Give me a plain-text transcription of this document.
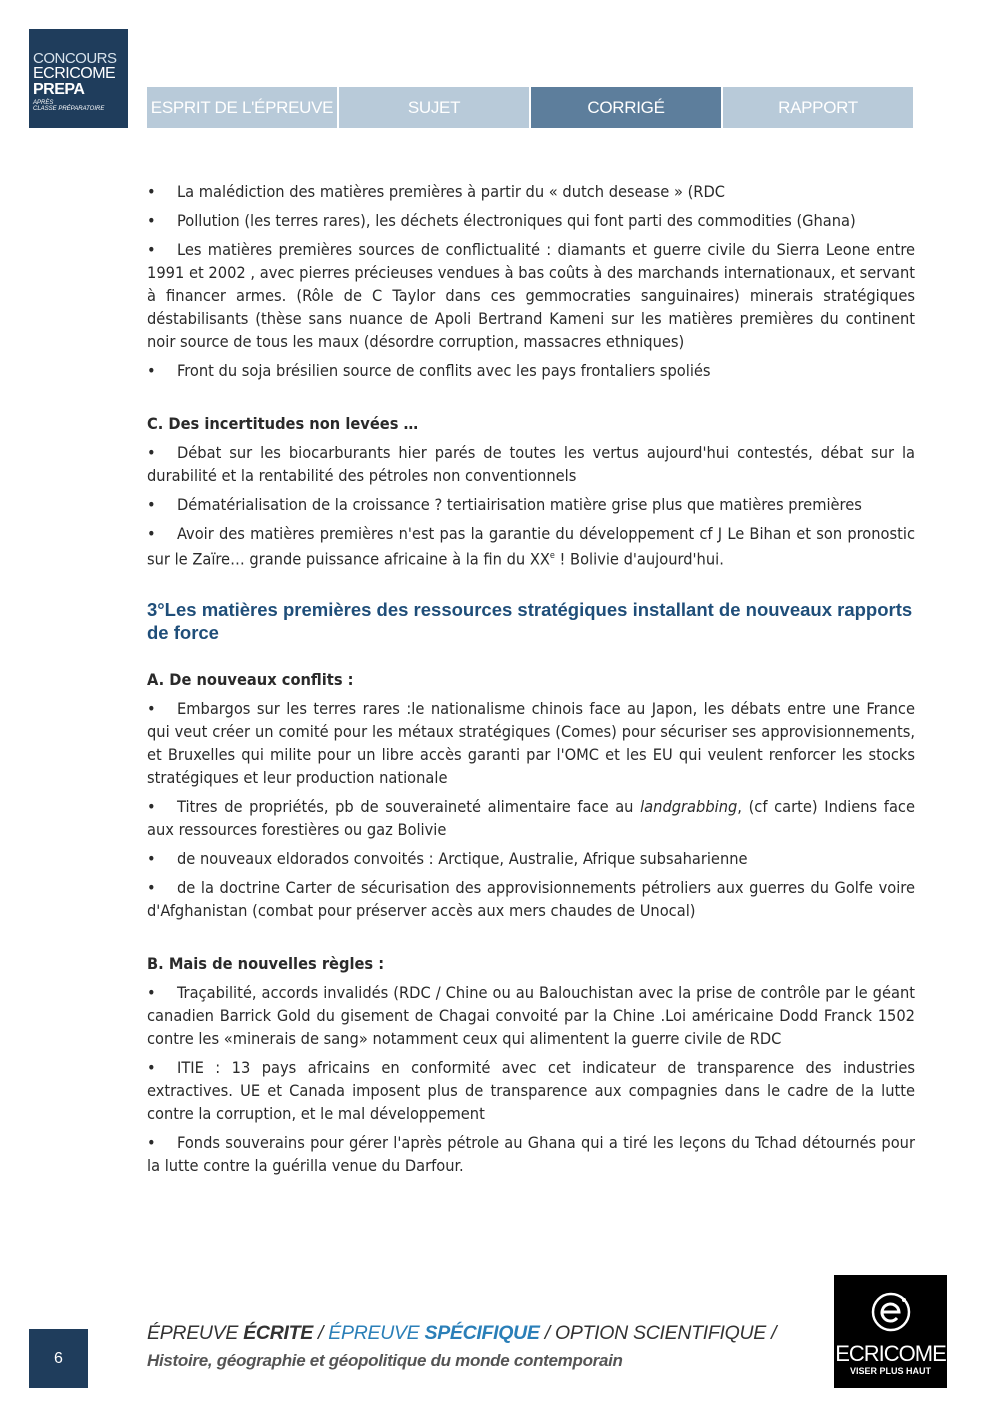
CONCOURS
ECRICOME
PREPA
APRÈS
CLASSE PRÉPARATOIRE	ESPRIT DE L'ÉPREUVE	SUJET	CORRIGÉ	RAPPORT

• La malédiction des matières premières à partir du « dutch desease » (RDC

• Pollution (les terres rares), les déchets électroniques qui font parti des commodities (Ghana)

• Les matières premières sources de conflictualité : diamants et guerre civile du Sierra Leone entre 1991 et 2002 , avec pierres précieuses vendues à bas coûts à des marchands internationaux, et servant à financer armes. (Rôle de C Taylor dans ces gemmocraties sanguinaires) minerais stratégiques déstabilisants (thèse sans nuance de Apoli Bertrand Kameni sur les matières premières du continent noir source de tous les maux (désordre corruption, massacres ethniques)

• Front du soja brésilien source de conflits avec les pays frontaliers spoliés

C. Des incertitudes non levées …

• Débat sur les biocarburants hier parés de toutes les vertus aujourd'hui contestés, débat sur la durabilité et la rentabilité des pétroles non conventionnels

• Dématérialisation de la croissance ? tertiairisation matière grise plus que matières premières

• Avoir des matières premières n'est pas la garantie du développement cf J Le Bihan et son pronostic sur le Zaïre… grande puissance africaine à la fin du XXe ! Bolivie d'aujourd'hui.

3°Les matières premières des ressources stratégiques installant de nouveaux rapports de force

A. De nouveaux conflits :

• Embargos sur les terres rares :le nationalisme chinois face au Japon, les débats entre une France qui veut créer un comité pour les métaux stratégiques (Comes) pour sécuriser ses approvisionnements, et Bruxelles qui milite pour un libre accès garanti par l'OMC et les EU qui veulent renforcer les stocks stratégiques et leur production nationale

• Titres de propriétés, pb de souveraineté alimentaire face au landgrabbing, (cf carte) Indiens face aux ressources forestières ou gaz Bolivie

• de nouveaux eldorados convoités : Arctique, Australie, Afrique subsaharienne

• de la doctrine Carter de sécurisation des approvisionnements pétroliers aux guerres du Golfe voire d'Afghanistan (combat pour préserver accès aux mers chaudes de Unocal)

B. Mais de nouvelles règles :

• Traçabilité, accords invalidés (RDC / Chine ou au Balouchistan avec la prise de contrôle par le géant canadien Barrick Gold du gisement de Chagai convoité par la Chine .Loi américaine Dodd Franck 1502 contre les «minerais de sang» notamment ceux qui alimentent la guerre civile de RDC

• ITIE : 13 pays africains en conformité avec cet indicateur de transparence des industries extractives. UE et Canada imposent plus de transparence aux compagnies dans le cadre de la lutte contre la corruption, et le mal développement

• Fonds souverains pour gérer l'après pétrole au Ghana qui a tiré les leçons du Tchad détournés pour la lutte contre la guérilla venue du Darfour.

6
ÉPREUVE ÉCRITE / ÉPREUVE SPÉCIFIQUE / OPTION SCIENTIFIQUE /
Histoire, géographie et géopolitique du monde contemporain	ECRICOME
VISER PLUS HAUT
